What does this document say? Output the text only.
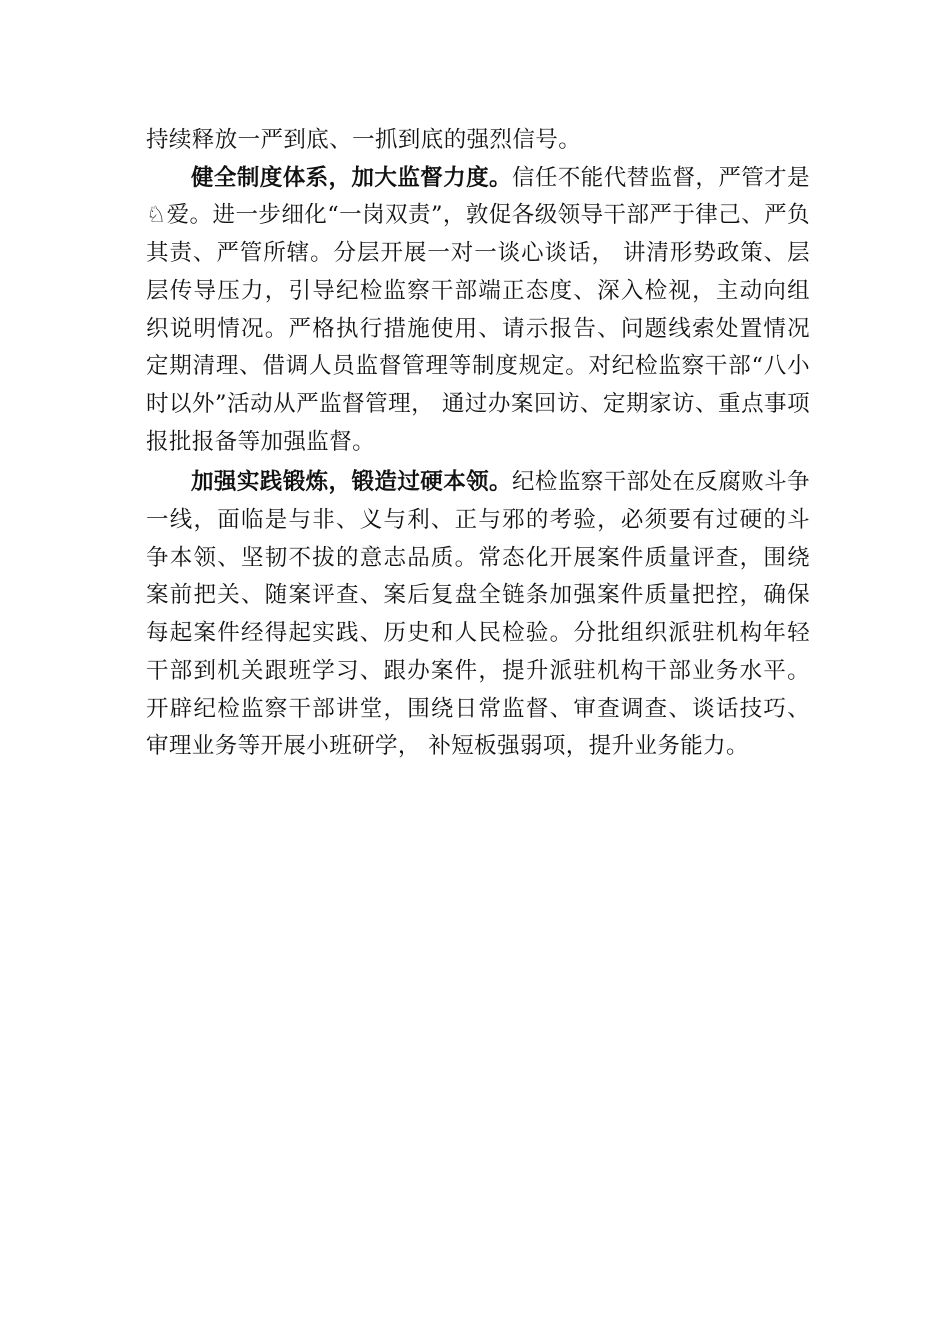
持续释放一严到底、一抓到底的强烈信号。

健全制度体系，加大监督力度。信任不能代替监督，严管才是♘爱。进一步细化“一岗双责”，敦促各级领导干部严于律己、严负其责、严管所辖。分层开展一对一谈心谈话， 讲清形势政策、层层传导压力，引导纪检监察干部端正态度、深入检视，主动向组织说明情况。严格执行措施使用、请示报告、问题线索处置情况定期清理、借调人员监督管理等制度规定。对纪检监察干部“八小时以外”活动从严监督管理， 通过办案回访、定期家访、重点事项报批报备等加强监督。

加强实践锻炼，锻造过硬本领。纪检监察干部处在反腐败斗争一线，面临是与非、义与利、正与邪的考验，必须要有过硬的斗争本领、坚韧不拔的意志品质。常态化开展案件质量评查，围绕案前把关、随案评查、案后复盘全链条加强案件质量把控，确保每起案件经得起实践、历史和人民检验。分批组织派驻机构年轻干部到机关跟班学习、跟办案件，提升派驻机构干部业务水平。开辟纪检监察干部讲堂，围绕日常监督、审查调查、谈话技巧、审理业务等开展小班研学， 补短板强弱项，提升业务能力。
